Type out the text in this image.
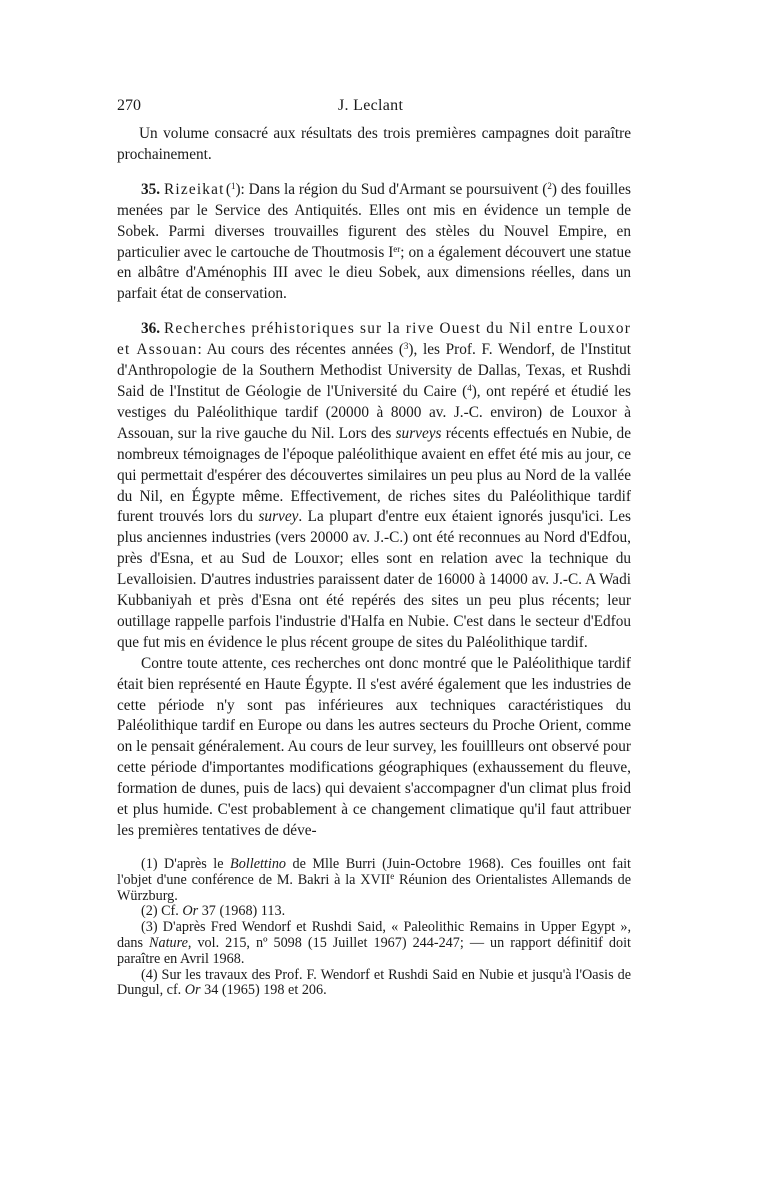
270	J. Leclant

Un volume consacré aux résultats des trois premières campagnes doit paraître prochainement.

35. Rizeikat ($^1$): Dans la région du Sud d'Armant se poursuivent ($^2$) des fouilles menées par le Service des Antiquités. Elles ont mis en évidence un temple de Sobek. Parmi diverses trouvailles figurent des stèles du Nouvel Empire, en particulier avec le cartouche de Thoutmosis Ier; on a également découvert une statue en albâtre d'Aménophis III avec le dieu Sobek, aux dimensions réelles, dans un parfait état de conservation.

36. Recherches préhistoriques sur la rive Ouest du Nil entre Louxor et Assouan: Au cours des récentes années ($^3$), les Prof. F. Wendorf, de l'Institut d'Anthropologie de la Southern Methodist University de Dallas, Texas, et Rushdi Said de l'Institut de Géologie de l'Université du Caire ($^4$), ont repéré et étudié les vestiges du Paléolithique tardif (20000 à 8000 av. J.-C. environ) de Louxor à Assouan, sur la rive gauche du Nil. Lors des surveys récents effectués en Nubie, de nombreux témoignages de l'époque paléolithique avaient en effet été mis au jour, ce qui permettait d'espérer des découvertes similaires un peu plus au Nord de la vallée du Nil, en Égypte même. Effectivement, de riches sites du Paléolithique tardif furent trouvés lors du survey. La plupart d'entre eux étaient ignorés jusqu'ici. Les plus anciennes industries (vers 20000 av. J.-C.) ont été reconnues au Nord d'Edfou, près d'Esna, et au Sud de Louxor; elles sont en relation avec la technique du Levalloisien. D'autres industries paraissent dater de 16000 à 14000 av. J.-C. A Wadi Kubbaniyah et près d'Esna ont été repérés des sites un peu plus récents; leur outillage rappelle parfois l'industrie d'Halfa en Nubie. C'est dans le secteur d'Edfou que fut mis en évidence le plus récent groupe de sites du Paléolithique tardif.

Contre toute attente, ces recherches ont donc montré que le Paléolithique tardif était bien représenté en Haute Égypte. Il s'est avéré également que les industries de cette période n'y sont pas inférieures aux techniques caractéristiques du Paléolithique tardif en Europe ou dans les autres secteurs du Proche Orient, comme on le pensait généralement. Au cours de leur survey, les fouillleurs ont observé pour cette période d'importantes modifications géographiques (exhaussement du fleuve, formation de dunes, puis de lacs) qui devaient s'accompagner d'un climat plus froid et plus humide. C'est probablement à ce changement climatique qu'il faut attribuer les premières tentatives de déve-

(1) D'après le Bollettino de Mlle Burri (Juin-Octobre 1968). Ces fouilles ont fait l'objet d'une conférence de M. Bakri à la XVIIe Réunion des Orientalistes Allemands de Würzburg.

(2) Cf. Or 37 (1968) 113.

(3) D'après Fred Wendorf et Rushdi Said, « Paleolithic Remains in Upper Egypt », dans Nature, vol. 215, nº 5098 (15 Juillet 1967) 244-247; — un rapport définitif doit paraître en Avril 1968.

(4) Sur les travaux des Prof. F. Wendorf et Rushdi Said en Nubie et jusqu'à l'Oasis de Dungul, cf. Or 34 (1965) 198 et 206.
